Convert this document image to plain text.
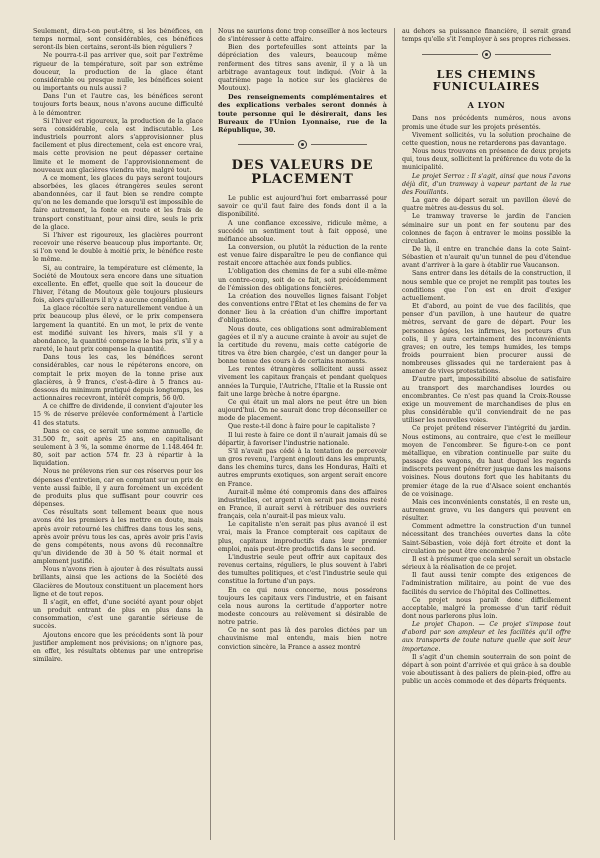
Seulement, dira-t-on peut-être, si les bénéfices, en temps normal, sont considérables, ces bénéfices seront-ils bien certains, seront-ils bien réguliers ?

Ne pourra-t-il pas arriver que, soit par l'extrême rigueur de la température, soit par son extrême douceur, la production de la glace étant considérable ou presque nulle, les bénéfices soient ou importants ou nuls aussi ?

Dans l'un et l'autre cas, les bénéfices seront toujours forts beaux, nous n'avons aucune difficulté à le démontrer.

Si l'hiver est rigoureux, la production de la glace sera considérable, cela est indiscutable. Les industriels pourront alors s'approvisionner plus facilement et plus directement, cela est encore vrai, mais cette provision ne peut dépasser certaine limite et le moment de l'approvisionnement de nouveaux aux glacières viendra vite, malgré tout.

A ce moment, les glaces du pays seront toujours absorbées, les glaces étrangères seules seront abandonnées, car il faut bien se rendre compte qu'on ne les demande que lorsqu'il est impossible de faire autrement, la fonte en route et les frais de transport constituant, pour ainsi dire, seuls le prix de la glace.

Si l'hiver est rigoureux, les glacières pourront recevoir une réserve beaucoup plus importante. Or, si l'on vend le double à moitié prix, le bénéfice reste le même.

Si, au contraire, la température est clémente, la Société de Moutoux sera encore dans une situation excellente. En effet, quelle que soit la douceur de l'hiver, l'étang de Moutoux gèle toujours plusieurs fois, alors qu'ailleurs il n'y a aucune congélation.

La glace récoltée sera naturellement vendue à un prix beaucoup plus élevé, or le prix compensera largement la quantité. En un mot, le prix de vente est modifié suivant les hivers, mais s'il y a abondance, la quantité compense le bas prix, s'il y a rareté, le haut prix compense la quantité.

Dans tous les cas, les bénéfices seront considérables, car nous le répéterons encore, on comptait le prix moyen de la tonne prise aux glacières, à 9 francs, c'est-à-dire à 5 francs au-dessous du minimum pratiqué depuis longtemps, les actionnaires recevront, intérêt compris, 56 0/0.

A ce chiffre de dividende, il convient d'ajouter les 15 % de réserve prélevée conformément à l'article 41 des statuts.

Dans ce cas, ce serait une somme annuelle, de 31.500 fr., soit après 25 ans, en capitalisant seulement à 3 %, la somme énorme de 1.148.464 fr. 80, soit par action 574 fr. 23 à répartir à la liquidation.

Nous ne prélevons rien sur ces réserves pour les dépenses d'entretien, car en comptant sur un prix de vente aussi faible, il y aura forcément un excédent de produits plus que suffisant pour couvrir ces dépenses.

Ces résultats sont tellement beaux que nous avons été les premiers à les mettre en doute, mais après avoir retourné les chiffres dans tous les sens, après avoir prévu tous les cas, après avoir pris l'avis de gens compétents, nous avons dû reconnaître qu'un dividende de 30 à 50 % était normal et amplement justifié.

Nous n'avons rien à ajouter à des résultats aussi brillants, ainsi que les actions de la Société des Glacières de Moutoux constituent un placement hors ligne et de tout repos.

Il s'agit, en effet, d'une société ayant pour objet un produit entrant de plus en plus dans la consommation, c'est une garantie sérieuse de succès.

Ajoutons encore que les précédents sont là pour justifier amplement nos prévisions; on n'ignore pas, en effet, les résultats obtenus par une entreprise similaire.

Nous ne saurions donc trop conseiller à nos lecteurs de s'intéresser à cette affaire.

Bien des portefeuilles sont atteints par la dépréciation des valeurs, beaucoup même renferment des titres sans avenir, il y a là un arbitrage avantageux tout indiqué. (Voir à la quatrième page la notice sur les glacières de Moutoux).

Des renseignements complémentaires et des explications verbales seront donnés à toute personne qui le désirerait, dans les Bureaux de l'Union Lyonnaise, rue de la République, 30.

DES VALEURS DE PLACEMENT

Le public est aujourd'hui fort embarrassé pour savoir ce qu'il faut faire des fonds dont il a la disponibilité.

A une confiance excessive, ridicule même, a succédé un sentiment tout à fait opposé, une méfiance absolue.

La conversion, ou plutôt la réduction de la rente est venue faire disparaître le peu de confiance qui restait encore attachée aux fonds publics.

L'obligation des chemins de fer a subi elle-même un contre-coup, soit de ce fait, soit précédemment de l'émission des obligations foncières.

La création des nouvelles lignes faisant l'objet des conventions entre l'État et les chemins de fer va donner lieu à la création d'un chiffre important d'obligations.

Nous doute, ces obligations sont admirablement gagées et il n'y a aucune crainte à avoir au sujet de la certitude du revenu, mais cette catégorie de titres va être bien chargée, c'est un danger pour la bonne tenue des cours à de certains moments.

Les rentes étrangères sollicitent aussi assez vivement les capitaux français et pendant quelques années la Turquie, l'Autriche, l'Italie et la Russie ont fait une large brèche à notre épargne.

Ce qui était un mal alors ne peut être un bien aujourd'hui. On ne saurait donc trop déconseiller ce mode de placement.

Que reste-t-il donc à faire pour le capitaliste ?

Il lui reste à faire ce dont il n'aurait jamais dû se départir, à favoriser l'industrie nationale.

S'il n'avait pas cédé à la tentation de percevoir un gros revenu, l'argent englouti dans les emprunts, dans les chemins turcs, dans les Honduras, Haïti et autres emprunts exotiques, son argent serait encore en France.

Aurait-il même été compromis dans des affaires industrielles, cet argent n'en serait pas moins resté en France, il aurait servi à rétribuer des ouvriers français, cela n'aurait-il pas mieux valu.

Le capitaliste n'en serait pas plus avancé il est vrai, mais la France compterait ces capitaux de plus, capitaux improductifs dans leur premier emploi, mais peut-être productifs dans le second.

L'industrie seule peut offrir aux capitaux des revenus certains, réguliers, le plus souvent à l'abri des tumultes politiques, et c'est l'industrie seule qui constitue la fortune d'un pays.

En ce qui nous concerne, nous possérons toujours les capitaux vers l'industrie, et en faisant cela nous aurons la certitude d'apporter notre modeste concours au relèvement si désirable de notre patrie.

Ce ne sont pas là des paroles dictées par un chauvinisme mal entendu, mais bien notre conviction sincère, la France a assez montré

au dehors sa puissance financière, il serait grand temps qu'elle s'it l'employer à ses propres richesses.

LES CHEMINS FUNICULAIRES
A LYON

Dans nos précédents numéros, nous avons promis une étude sur les projets présentés.

Vivement sollicités, vu la solution prochaine de cette question, nous ne retarderons pas davantage.

Nous nous trouvons en présence de deux projets qui, tous deux, sollicitent la préférence du vote de la municipalité.

Le projet Serroz : Il s'agit, ainsi que nous l'avons déjà dit, d'un tramway à vapeur partant de la rue des Fouillants.

La gare de départ serait un pavillon élevé de quatre mètres au-dessus du sol.

Le tramway traverse le jardin de l'ancien séminaire sur un pont en fer soutenu par des colonnes de façon à entraver le moins possible la circulation.

De là, il entre en tranchée dans la cote Saint-Sébastien et n'aurait qu'un tunnel de peu d'étendue avant d'arriver à la gare à établir rue Vaucanson.

Sans entrer dans les détails de la construction, il nous semble que ce projet ne remplit pas toutes les conditions que l'on est en droit d'exiger actuellement.

Et d'abord, au point de vue des facilités, que penser d'un pavillon, à une hauteur de quatre mètres, servant de gare de départ. Pour les personnes âgées, les infirmes, les porteurs d'un colis, il y aura certainement des inconvénients graves; en outre, les temps humides, les temps froids pourraient bien procurer aussi de nombreuses glissades qui ne tarderaient pas à amener de vives protestations.

D'autre part, impossibilité absolue de satisfaire au transport des marchandises lourdes ou encombrantes. Ce n'est pas quand la Croix-Rousse exige un mouvement de marchandises de plus en plus considérable qu'il conviendrait de ne pas utiliser les nouvelles voies.

Ce projet prétend réserver l'intégrité du jardin. Nous estimons, au contraire, que c'est le meilleur moyen de l'encombrer. Se figure-t-on ce pont métallique, en vibration continuelle par suite du passage des wagons, du haut duquel les regards indiscrets peuvent pénétrer jusque dans les maisons voisines. Nous doutons fort que les habitants du premier étage de la rue d'Alsace soient enchantés de ce voisinage.

Mais ces inconvénients constatés, il en reste un, autrement grave, vu les dangers qui peuvent en résulter.

Comment admettre la construction d'un tunnel nécessitant des tranchées ouvertes dans la côte Saint-Sébastien, voie déjà fort étroite et dont la circulation ne peut être encombrée ?

Il est à présumer que cela seul serait un obstacle sérieux à la réalisation de ce projet.

Il faut aussi tenir compte des exigences de l'administration militaire, au point de vue des facilités du service de l'hôpital des Collinettes.

Ce projet nous paraît donc difficilement acceptable, malgré la promesse d'un tarif réduit dont nous parlerons plus loin.

Le projet Chapon. — Ce projet s'impose tout d'abord par son ampleur et les facilités qu'il offre aux transports de toute nature quelle que soit leur importance.

Il s'agit d'un chemin souterrain de son point de départ à son point d'arrivée et qui grâce à sa double voie aboutissant à des paliers de plein-pied, offre au public un accès commode et des départs fréquents.
